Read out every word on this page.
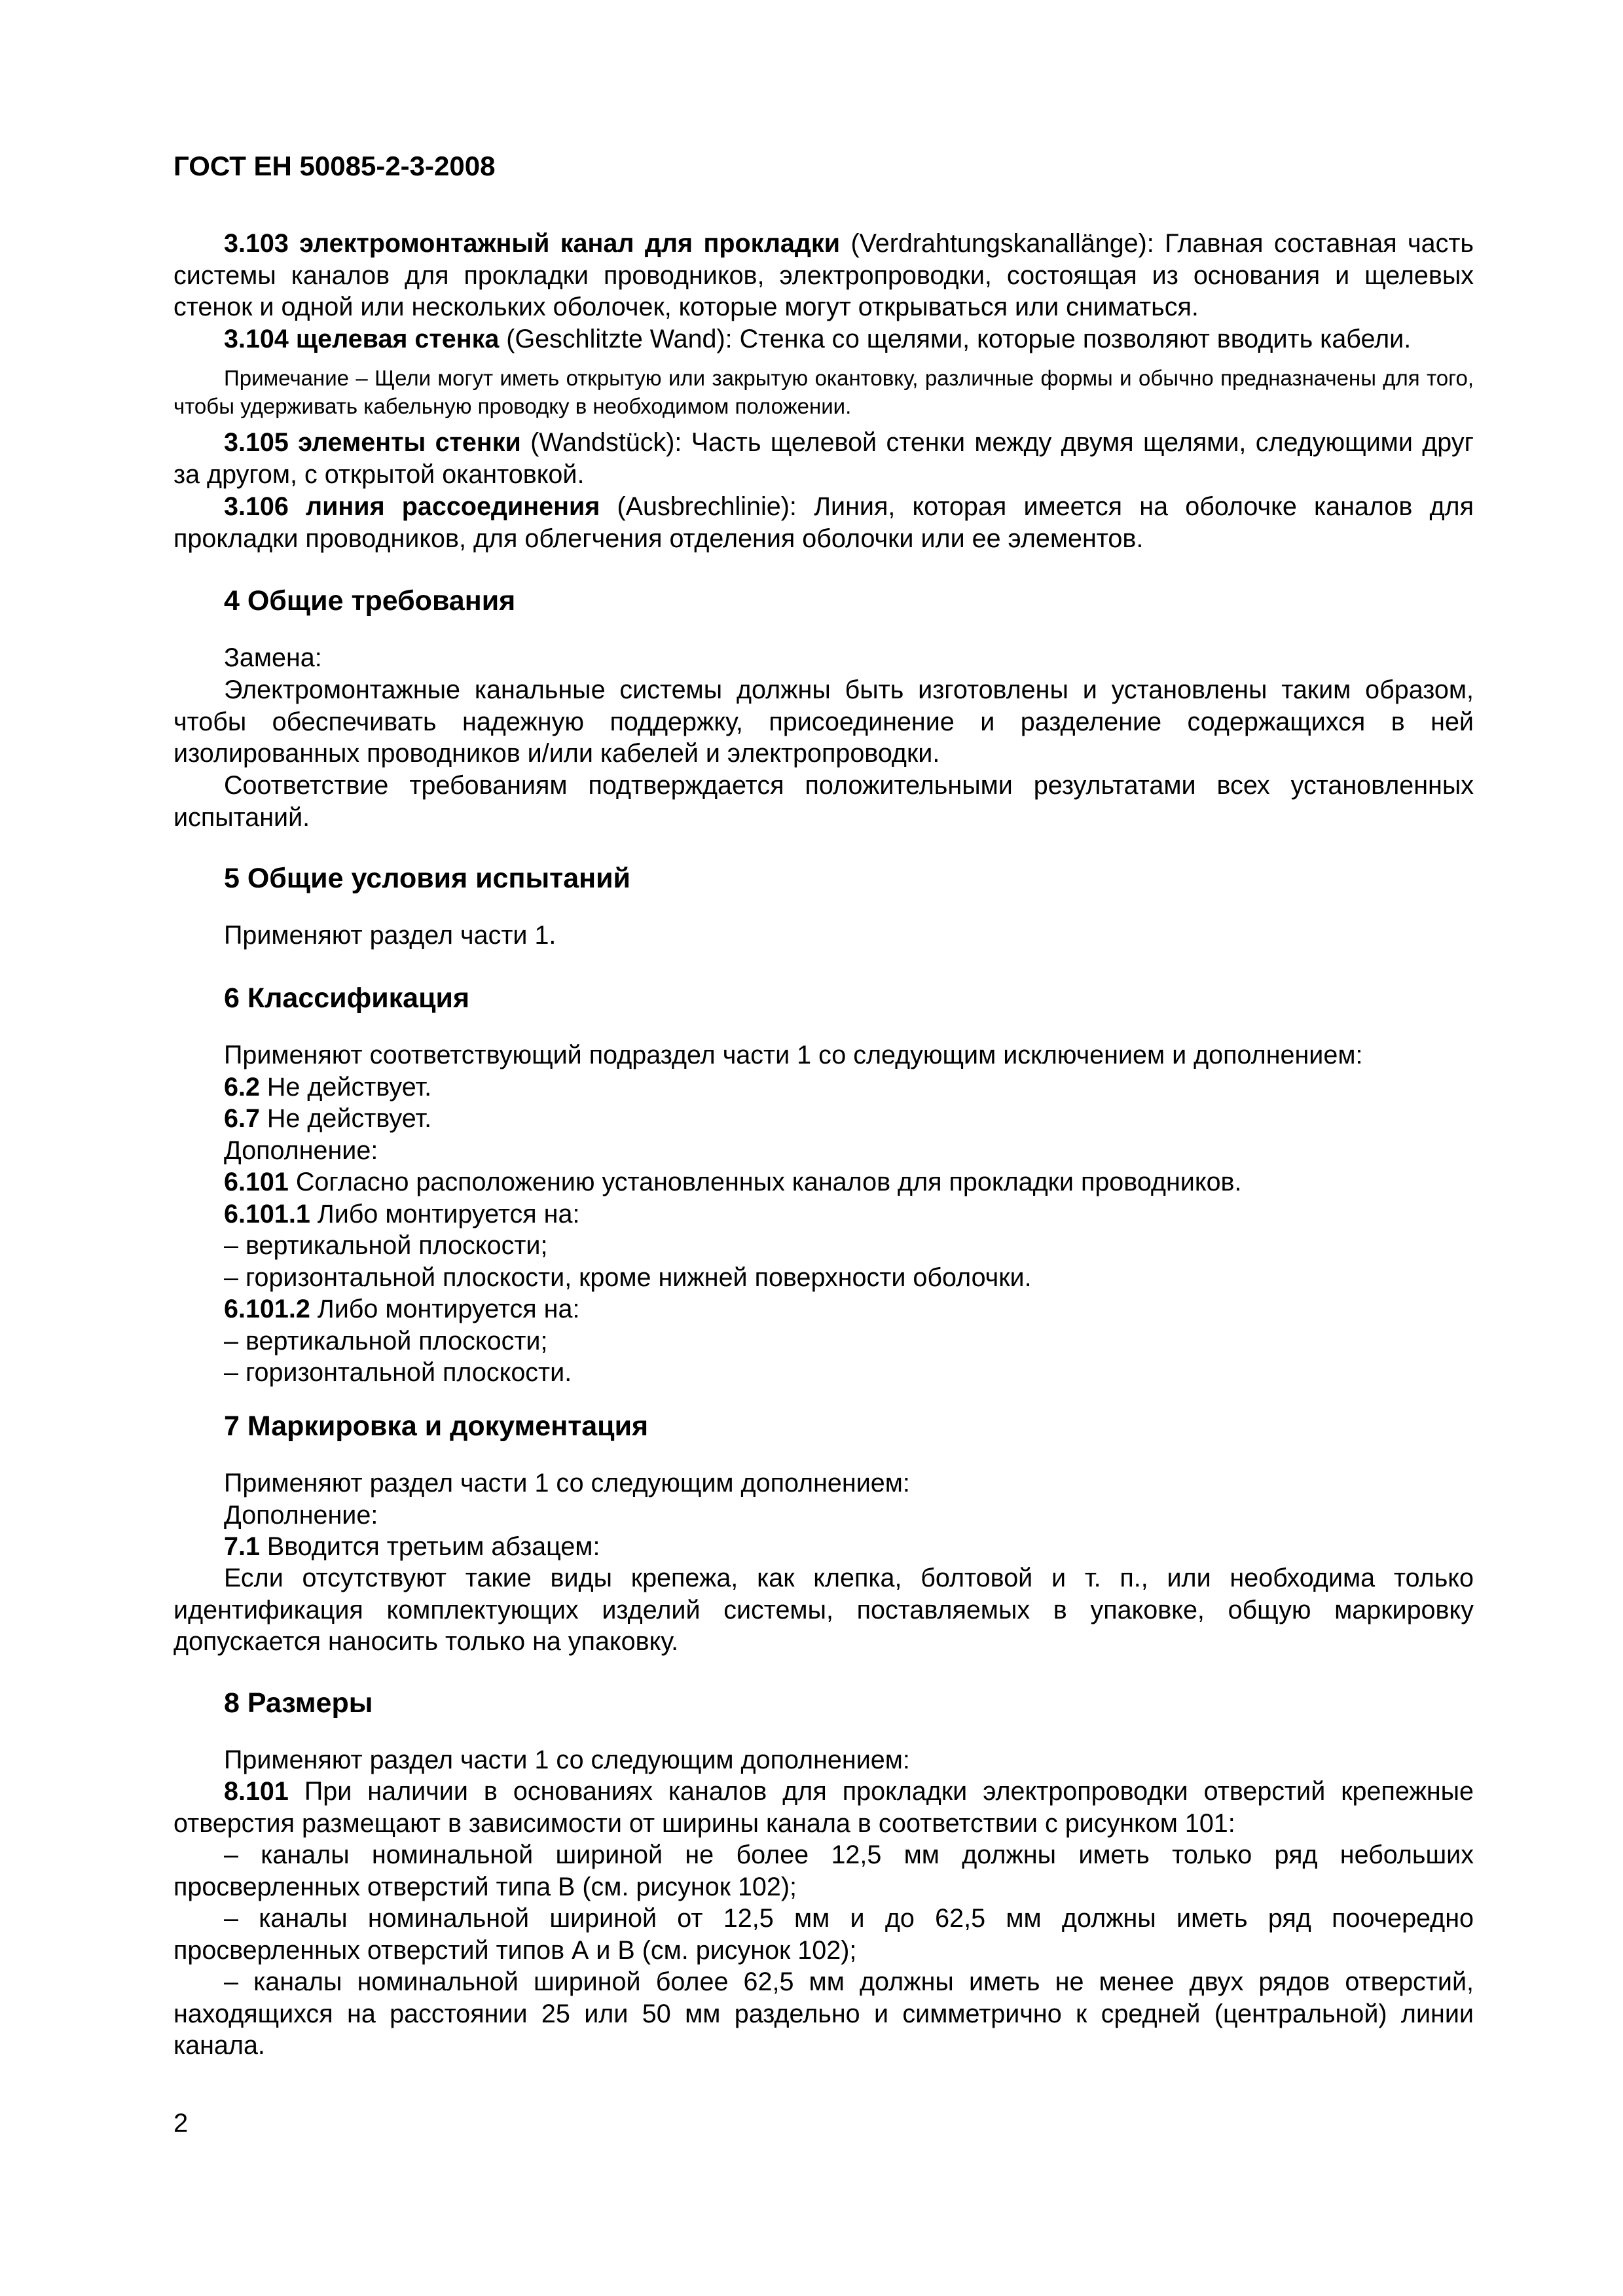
ГОСТ ЕН 50085-2-3-2008

3.103 электромонтажный канал для прокладки (Verdrahtungskanallänge): Главная составная часть системы каналов для прокладки проводников, электропроводки, состоящая из основания и щелевых стенок и одной или нескольких оболочек, которые могут открываться или сниматься.

3.104 щелевая стенка (Geschlitzte Wand): Стенка со щелями, которые позволяют вводить кабели.

Примечание – Щели могут иметь открытую или закрытую окантовку, различные формы и обычно предназначены для того, чтобы удерживать кабельную проводку в необходимом положении.

3.105 элементы стенки (Wandstück): Часть щелевой стенки между двумя щелями, следующими друг за другом, с открытой окантовкой.

3.106 линия рассоединения (Ausbrechlinie): Линия, которая имеется на оболочке каналов для прокладки проводников, для облегчения отделения оболочки или ее элементов.

4 Общие требования

Замена:

Электромонтажные канальные системы должны быть изготовлены и установлены таким образом, чтобы обеспечивать надежную поддержку, присоединение и разделение содержащихся в ней изолированных проводников и/или кабелей и электропроводки.

Соответствие требованиям подтверждается положительными результатами всех установленных испытаний.

5 Общие условия испытаний

Применяют раздел части 1.

6 Классификация
Применяют соответствующий подраздел части 1 со следующим исключением и дополнением:
6.2 Не действует.
6.7 Не действует.
Дополнение:
6.101 Согласно расположению установленных каналов для прокладки проводников.
6.101.1 Либо монтируется на:
– вертикальной плоскости;
– горизонтальной плоскости, кроме нижней поверхности оболочки.
6.101.2 Либо монтируется на:
– вертикальной плоскости;
– горизонтальной плоскости.
7 Маркировка и документация
Применяют раздел части 1 со следующим дополнением:
Дополнение:
7.1 Вводится третьим абзацем:

Если отсутствуют такие виды крепежа, как клепка, болтовой и т. п., или необходима только идентификация комплектующих изделий системы, поставляемых в упаковке, общую маркировку допускается наносить только на упаковку.

8 Размеры

Применяют раздел части 1 со следующим дополнением:

8.101 При наличии в основаниях каналов для прокладки электропроводки отверстий крепежные отверстия размещают в зависимости от ширины канала в соответствии с рисунком 101:

– каналы номинальной шириной не более 12,5 мм должны иметь только ряд небольших просверленных отверстий типа В (см. рисунок 102);

– каналы номинальной шириной от 12,5 мм и до 62,5 мм должны иметь ряд поочередно просверленных отверстий типов А и В (см. рисунок 102);

– каналы номинальной шириной более 62,5 мм должны иметь не менее двух рядов отверстий, находящихся на расстоянии 25 или 50 мм раздельно и симметрично к средней (центральной) линии канала.

2
